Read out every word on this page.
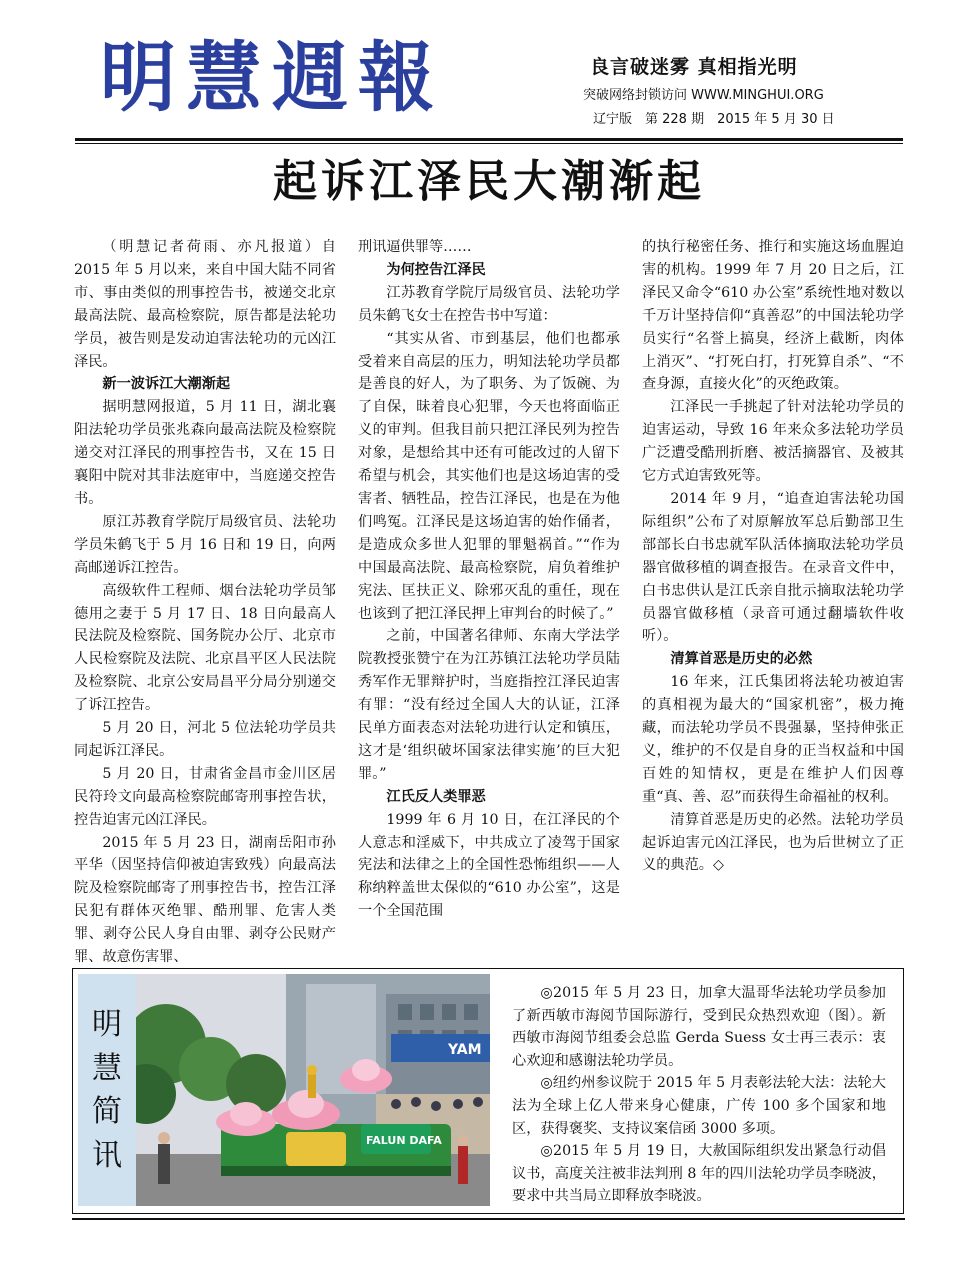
明慧週報	良言破迷雾 真相指光明
突破网络封锁访问 WWW.MINGHUI.ORG
辽宁版　第 228 期　2015 年 5 月 30 日
起诉江泽民大潮渐起

（明慧记者荷雨、亦凡报道）自 2015 年 5 月以来，来自中国大陆不同省市、事由类似的刑事控告书，被递交北京最高法院、最高检察院，原告都是法轮功学员，被告则是发动迫害法轮功的元凶江泽民。

新一波诉江大潮渐起

据明慧网报道，5 月 11 日，湖北襄阳法轮功学员张兆森向最高法院及检察院递交对江泽民的刑事控告书，又在 15 日襄阳中院对其非法庭审中，当庭递交控告书。

原江苏教育学院厅局级官员、法轮功学员朱鹤飞于 5 月 16 日和 19 日，向两高邮递诉江控告。

高级软件工程师、烟台法轮功学员邹德用之妻于 5 月 17 日、18 日向最高人民法院及检察院、国务院办公厅、北京市人民检察院及法院、北京昌平区人民法院及检察院、北京公安局昌平分局分别递交了诉江控告。

5 月 20 日，河北 5 位法轮功学员共同起诉江泽民。

5 月 20 日，甘肃省金昌市金川区居民符玲文向最高检察院邮寄刑事控告状，控告迫害元凶江泽民。

2015 年 5 月 23 日，湖南岳阳市孙平华（因坚持信仰被迫害致残）向最高法院及检察院邮寄了刑事控告书，控告江泽民犯有群体灭绝罪、酷刑罪、危害人类罪、剥夺公民人身自由罪、剥夺公民财产罪、故意伤害罪、

刑讯逼供罪等……

为何控告江泽民

江苏教育学院厅局级官员、法轮功学员朱鹤飞女士在控告书中写道：

“其实从省、市到基层，他们也都承受着来自高层的压力，明知法轮功学员都是善良的好人，为了职务、为了饭碗、为了自保，昧着良心犯罪，今天也将面临正义的审判。但我目前只把江泽民列为控告对象，是想给其中还有可能改过的人留下希望与机会，其实他们也是这场迫害的受害者、牺牲品，控告江泽民，也是在为他们鸣冤。江泽民是这场迫害的始作俑者，是造成众多世人犯罪的罪魁祸首。”“作为中国最高法院、最高检察院，肩负着维护宪法、匡扶正义、除邪灭乱的重任，现在也该到了把江泽民押上审判台的时候了。”

之前，中国著名律师、东南大学法学院教授张赞宁在为江苏镇江法轮功学员陆秀军作无罪辩护时，当庭指控江泽民迫害有罪：“没有经过全国人大的认证，江泽民单方面表态对法轮功进行认定和镇压，这才是‘组织破坏国家法律实施’的巨大犯罪。”

江氏反人类罪恶

1999 年 6 月 10 日，在江泽民的个人意志和淫威下，中共成立了凌驾于国家宪法和法律之上的全国性恐怖组织——人称纳粹盖世太保似的“610 办公室”，这是一个全国范围

的执行秘密任务、推行和实施这场血腥迫害的机构。1999 年 7 月 20 日之后，江泽民又命令“610 办公室”系统性地对数以千万计坚持信仰“真善忍”的中国法轮功学员实行“名誉上搞臭，经济上截断，肉体上消灭”、“打死白打，打死算自杀”、“不查身源，直接火化”的灭绝政策。

江泽民一手挑起了针对法轮功学员的迫害运动，导致 16 年来众多法轮功学员广泛遭受酷刑折磨、被活摘器官、及被其它方式迫害致死等。

2014 年 9 月，“追查迫害法轮功国际组织”公布了对原解放军总后勤部卫生部部长白书忠就军队活体摘取法轮功学员器官做移植的调查报告。在录音文件中，白书忠供认是江氏亲自批示摘取法轮功学员器官做移植（录音可通过翻墙软件收听）。

清算首恶是历史的必然

16 年来，江氏集团将法轮功被迫害的真相视为最大的“国家机密”，极力掩藏，而法轮功学员不畏强暴，坚持伸张正义，维护的不仅是自身的正当权益和中国百姓的知情权，更是在维护人们因尊重“真、善、忍”而获得生命福祉的权利。

清算首恶是历史的必然。法轮功学员起诉迫害元凶江泽民，也为后世树立了正义的典范。◇

明
慧
简
讯
YAM
FALUN DAFA

◎2015 年 5 月 23 日，加拿大温哥华法轮功学员参加了新西敏市海阅节国际游行，受到民众热烈欢迎（图）。新西敏市海阅节组委会总监 Gerda Suess 女士再三表示：衷心欢迎和感谢法轮功学员。

◎纽约州参议院于 2015 年 5 月表彰法轮大法：法轮大法为全球上亿人带来身心健康，广传 100 多个国家和地区，获得褒奖、支持议案信函 3000 多项。

◎2015 年 5 月 19 日，大赦国际组织发出紧急行动倡议书，高度关注被非法判刑 8 年的四川法轮功学员李晓波，要求中共当局立即释放李晓波。
